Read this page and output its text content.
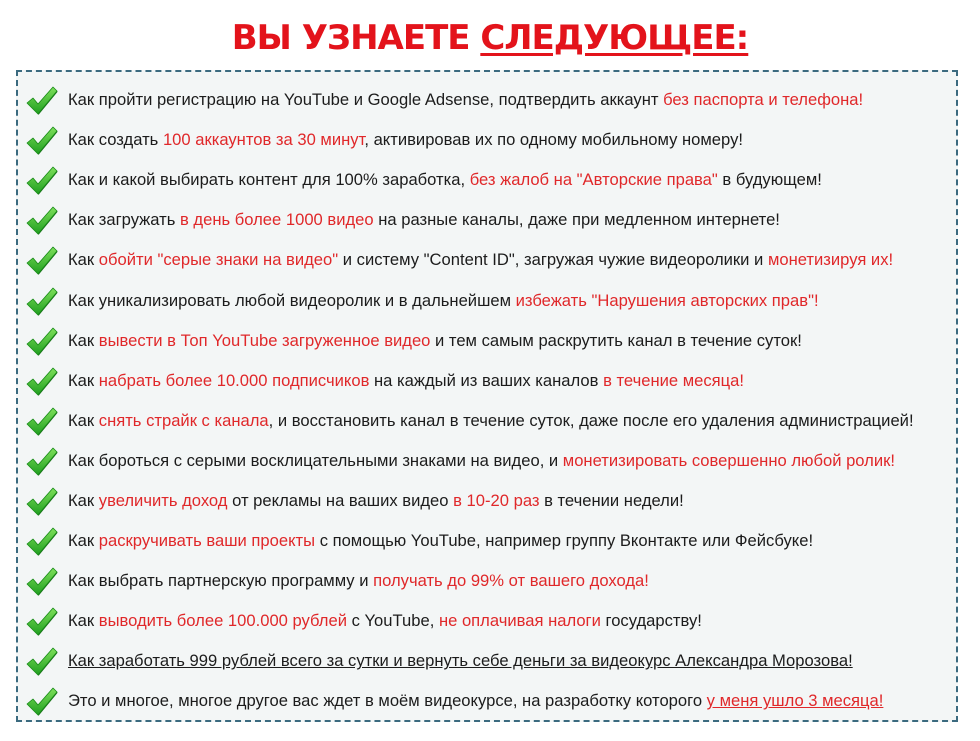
ВЫ УЗНАЕТЕ СЛЕДУЮЩЕЕ:
Как пройти регистрацию на YouTube и Google Adsense, подтвердить аккаунт без паспорта и телефона!
Как создать 100 аккаунтов за 30 минут, активировав их по одному мобильному номеру!
Как и какой выбирать контент для 100% заработка, без жалоб на "Авторские права" в будующем!
Как загружать в день более 1000 видео на разные каналы, даже при медленном интернете!
Как обойти "серые знаки на видео" и систему "Content ID", загружая чужие видеоролики и монетизируя их!
Как уникализировать любой видеоролик и в дальнейшем избежать "Нарушения авторских прав"!
Как вывести в Топ YouTube загруженное видео и тем самым раскрутить канал в течение суток!
Как набрать более 10.000 подписчиков на каждый из ваших каналов в течение месяца!
Как снять страйк с канала, и восстановить канал в течение суток, даже после его удаления администрацией!
Как бороться с серыми восклицательными знаками на видео, и монетизировать совершенно любой ролик!
Как увеличить доход от рекламы на ваших видео в 10-20 раз в течении недели!
Как раскручивать ваши проекты с помощью YouTube, например группу Вконтакте или Фейсбуке!
Как выбрать партнерскую программу и получать до 99% от вашего дохода!
Как выводить более 100.000 рублей с YouTube, не оплачивая налоги государству!
Как заработать 999 рублей всего за сутки и вернуть себе деньги за видеокурс Александра Морозова!
Это и многое, многое другое вас ждет в моём видеокурсе, на разработку которого у меня ушло 3 месяца!
